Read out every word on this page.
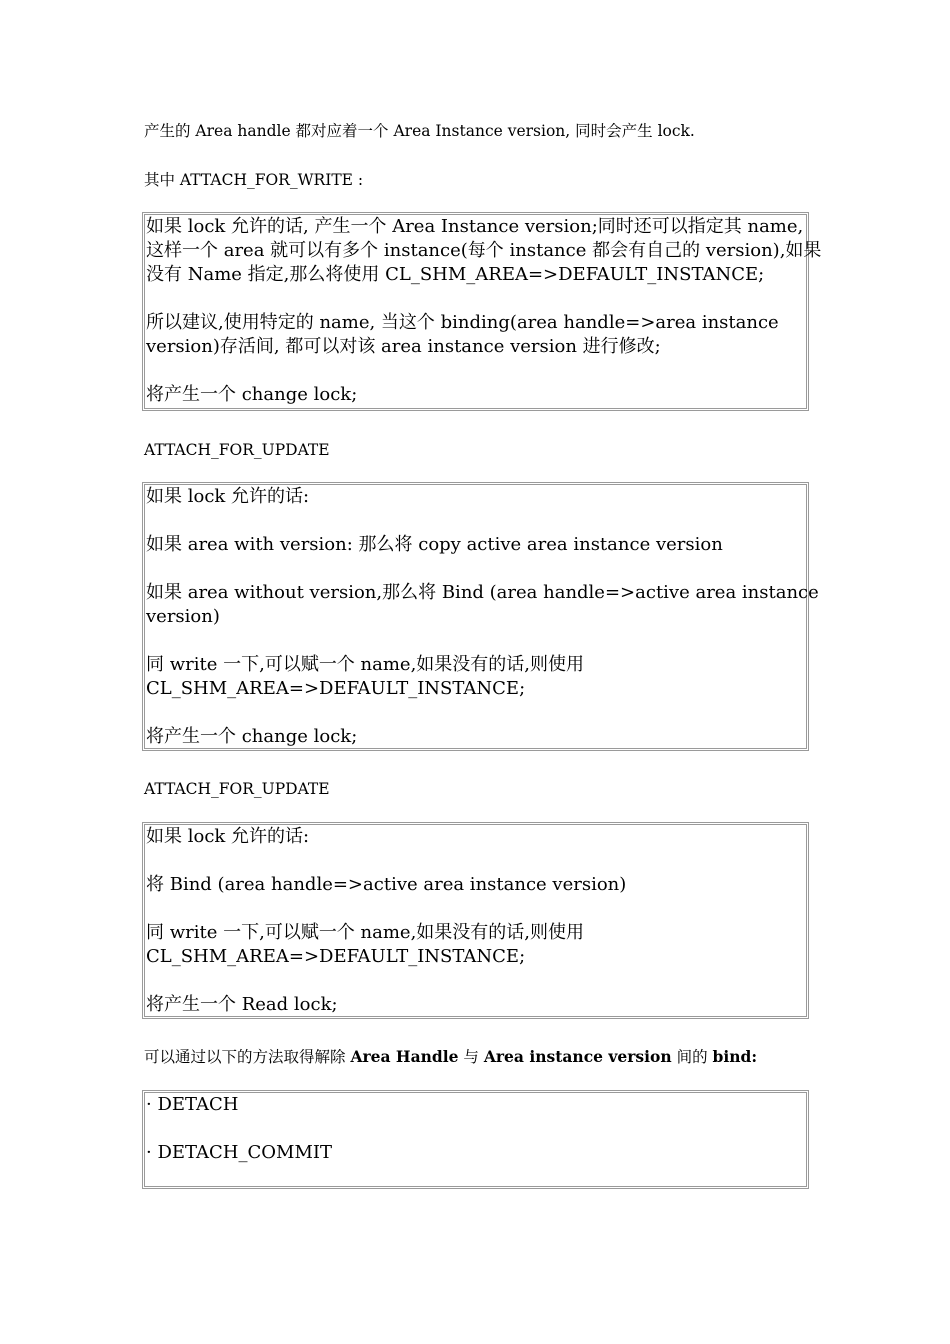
产生的 Area handle 都对应着一个 Area Instance version, 同时会产生 lock.

其中 ATTACH_FOR_WRITE :

如果 lock 允许的话, 产生一个 Area Instance version;同时还可以指定其 name,
这样一个 area 就可以有多个 instance(每个 instance 都会有自己的 version),如果
没有 Name 指定,那么将使用 CL_SHM_AREA=>DEFAULT_INSTANCE;

所以建议,使用特定的 name, 当这个 binding(area handle=>area instance
version)存活间, 都可以对该 area instance version 进行修改;

将产生一个 change lock;

ATTACH_FOR_UPDATE

如果 lock 允许的话:

如果 area with version: 那么将 copy active area instance version

如果 area without version,那么将 Bind (area handle=>active area instance
version)

同 write 一下,可以赋一个 name,如果没有的话,则使用
CL_SHM_AREA=>DEFAULT_INSTANCE;

将产生一个 change lock;

ATTACH_FOR_UPDATE

如果 lock 允许的话:

将 Bind (area handle=>active area instance version)

同 write 一下,可以赋一个 name,如果没有的话,则使用
CL_SHM_AREA=>DEFAULT_INSTANCE;

将产生一个 Read lock;

可以通过以下的方法取得解除 Area Handle 与 Area instance version 间的 bind:

· DETACH

· DETACH_COMMIT
